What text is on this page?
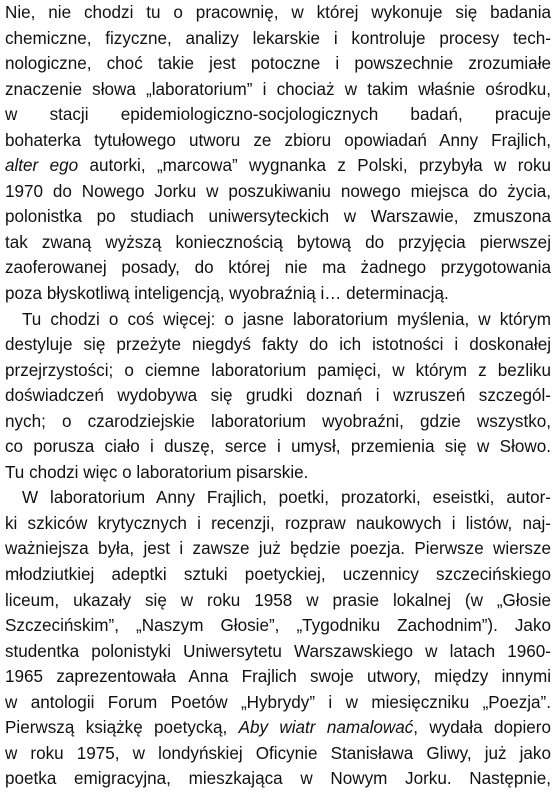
Nie, nie chodzi tu o pracownię, w której wykonuje się badania
chemiczne, fizyczne, analizy lekarskie i kontroluje procesy tech-
nologiczne, choć takie jest potoczne i powszechnie zrozumiałe
znaczenie słowa „laboratorium” i chociaż w takim właśnie ośrodku,
w stacji epidemiologiczno-socjologicznych badań, pracuje
bohaterka tytułowego utworu ze zbioru opowiadań Anny Frajlich,
alter ego autorki, „marcowa” wygnanka z Polski, przybyła w roku
1970 do Nowego Jorku w poszukiwaniu nowego miejsca do życia,
polonistka po studiach uniwersyteckich w Warszawie, zmuszona
tak zwaną wyższą koniecznością bytową do przyjęcia pierwszej
zaoferowanej posady, do której nie ma żadnego przygotowania
poza błyskotliwą inteligencją, wyobraźnią i… determinacją.
Tu chodzi o coś więcej: o jasne laboratorium myślenia, w którym
destyluje się przeżyte niegdyś fakty do ich istotności i doskonałej
przejrzystości; o ciemne laboratorium pamięci, w którym z bezliku
doświadczeń wydobywa się grudki doznań i wzruszeń szczegól-
nych; o czarodziejskie laboratorium wyobraźni, gdzie wszystko,
co porusza ciało i duszę, serce i umysł, przemienia się w Słowo.
Tu chodzi więc o laboratorium pisarskie.
W laboratorium Anny Frajlich, poetki, prozatorki, eseistki, autor-
ki szkiców krytycznych i recenzji, rozpraw naukowych i listów, naj-
ważniejsza była, jest i zawsze już będzie poezja. Pierwsze wiersze
młodziutkiej adeptki sztuki poetyckiej, uczennicy szczecińskiego
liceum, ukazały się w roku 1958 w prasie lokalnej (w „Głosie
Szczecińskim”, „Naszym Głosie”, „Tygodniku Zachodnim”). Jako
studentka polonistyki Uniwersytetu Warszawskiego w latach 1960-
1965 zaprezentowała Anna Frajlich swoje utwory, między innymi
w antologii Forum Poetów „Hybrydy” i w miesięczniku „Poezja”.
Pierwszą książkę poetycką, Aby wiatr namalować, wydała dopiero
w roku 1975, w londyńskiej Oficynie Stanisława Gliwy, już jako
poetka emigracyjna, mieszkająca w Nowym Jorku. Następnie,
